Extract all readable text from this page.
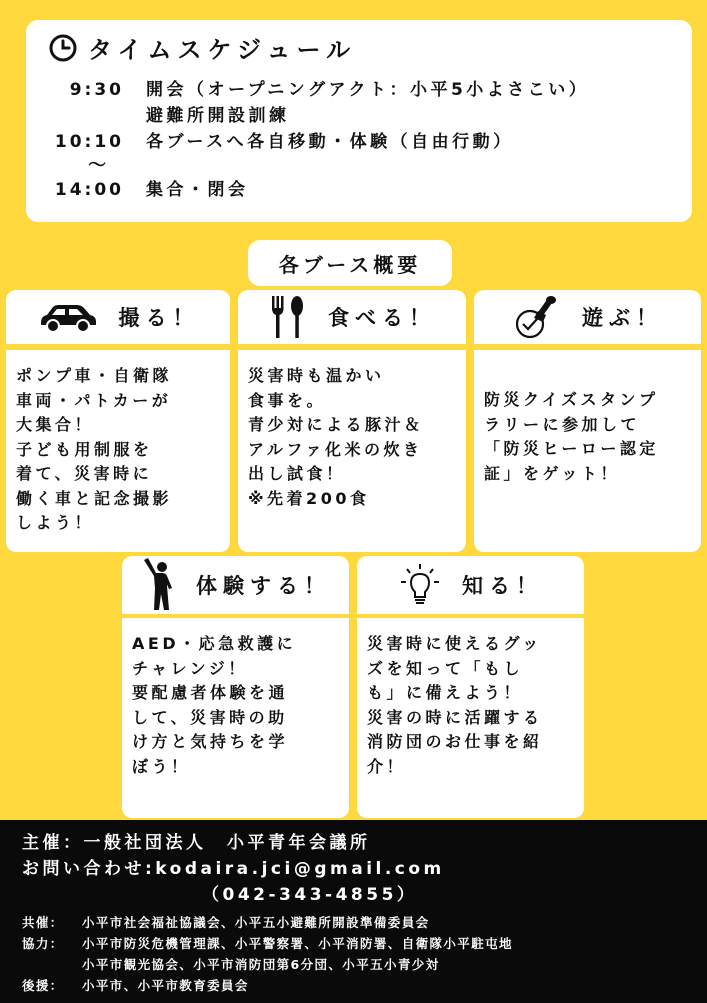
タイムスケジュール
9:30	開会（オープニングアクト：小平5小よさこい）
避難所開設訓練
10:10	各ブースへ各自移動・体験（自由行動）
〜
14:00	集合・閉会
各ブース概要
撮る！
ポンプ車・自衛隊
車両・パトカーが
大集合！
子ども用制服を
着て、災害時に
働く車と記念撮影
しよう！
食べる！
災害時も温かい
食事を。
青少対による豚汁＆
アルファ化米の炊き
出し試食！
※先着200食
遊ぶ！
防災クイズスタンプ
ラリーに参加して
「防災ヒーロー認定
証」をゲット！
体験する！
AED・応急救護に
チャレンジ！
要配慮者体験を通
して、災害時の助
け方と気持ちを学
ぼう！
知る！
災害時に使えるグッ
ズを知って「もし
も」に備えよう！
災害の時に活躍する
消防団のお仕事を紹
介！
主催：一般社団法人　小平青年会議所
お問い合わせ:kodaira.jci@gmail.com
（042-343-4855）
共催：	小平市社会福祉協議会、小平五小避難所開設準備委員会
協力：	小平市防災危機管理課、小平警察署、小平消防署、自衛隊小平駐屯地
小平市観光協会、小平市消防団第6分団、小平五小青少対
後援：	小平市、小平市教育委員会
